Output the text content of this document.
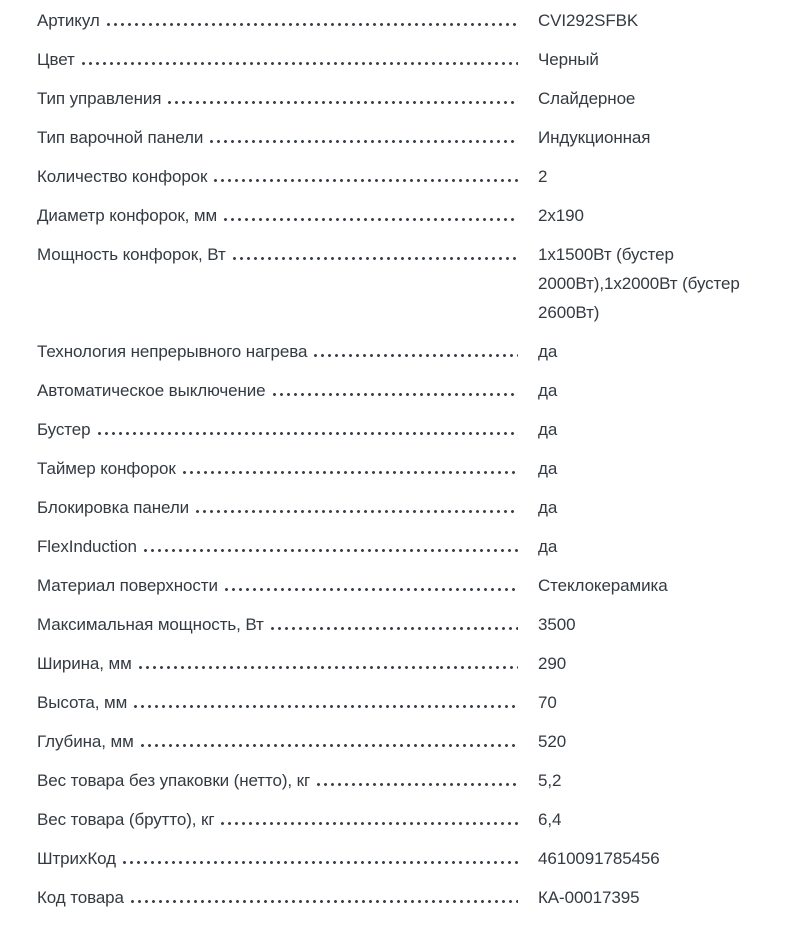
Артикул	CVI292SFBK
Цвет	Черный
Тип управления	Слайдерное
Тип варочной панели	Индукционная
Количество конфорок	2
Диаметр конфорок, мм	2x190
Мощность конфорок, Вт	1x1500Вт (бустер 2000Вт),1x2000Вт (бустер 2600Вт)
Технология непрерывного нагрева	да
Автоматическое выключение	да
Бустер	да
Таймер конфорок	да
Блокировка панели	да
FlexInduction	да
Материал поверхности	Стеклокерамика
Максимальная мощность, Вт	3500
Ширина, мм	290
Высота, мм	70
Глубина, мм	520
Вес товара без упаковки (нетто), кг	5,2
Вес товара (брутто), кг	6,4
ШтрихКод	4610091785456
Код товара	КА-00017395
